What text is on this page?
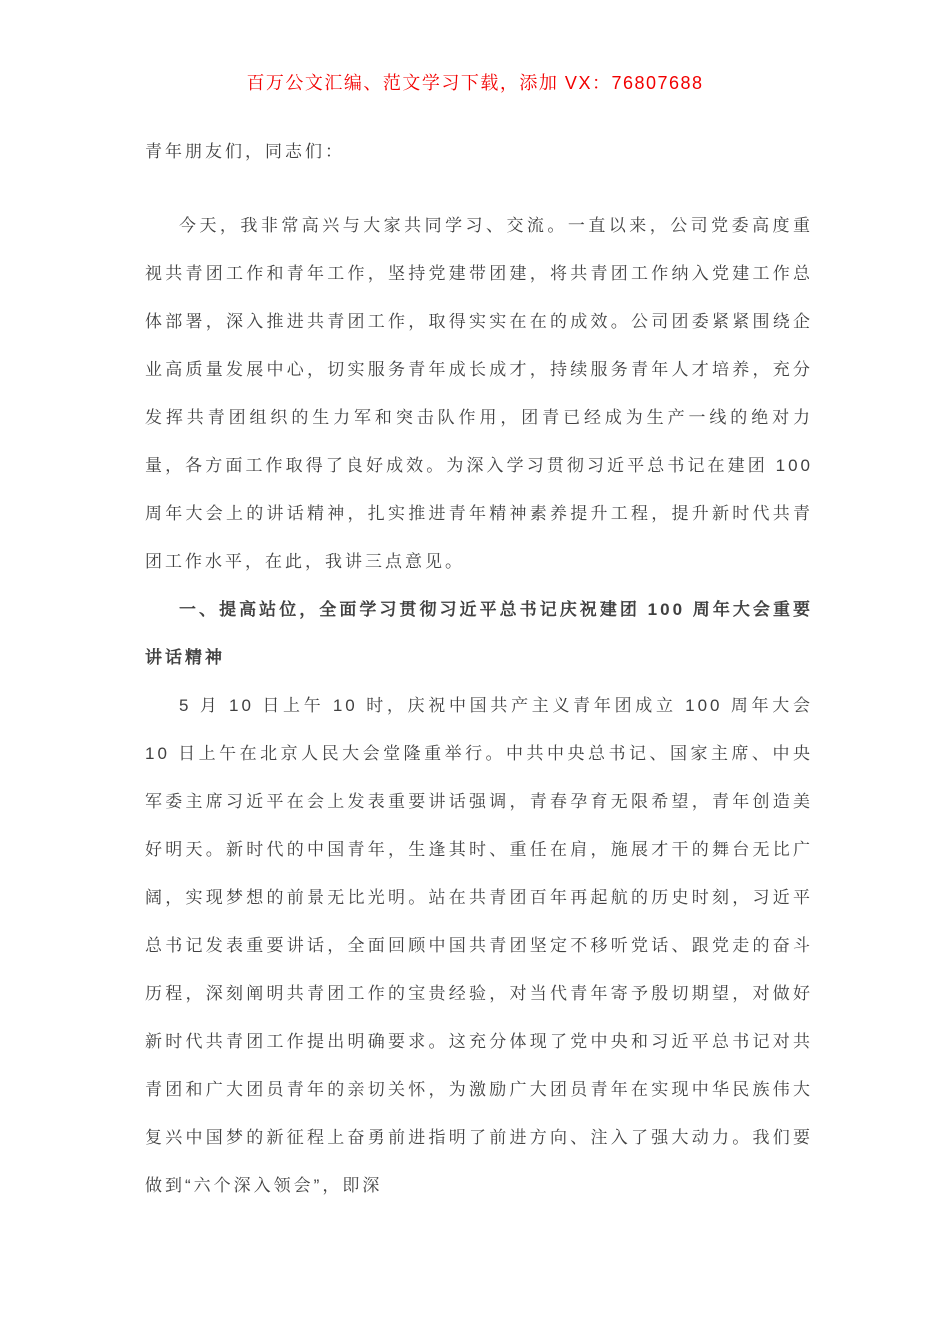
百万公文汇编、范文学习下载，添加 VX：76807688

青年朋友们，同志们：

今天，我非常高兴与大家共同学习、交流。一直以来，公司党委高度重视共青团工作和青年工作，坚持党建带团建，将共青团工作纳入党建工作总体部署，深入推进共青团工作，取得实实在在的成效。公司团委紧紧围绕企业高质量发展中心，切实服务青年成长成才，持续服务青年人才培养，充分发挥共青团组织的生力军和突击队作用，团青已经成为生产一线的绝对力量，各方面工作取得了良好成效。为深入学习贯彻习近平总书记在建团 100 周年大会上的讲话精神，扎实推进青年精神素养提升工程，提升新时代共青团工作水平，在此，我讲三点意见。

一、提高站位，全面学习贯彻习近平总书记庆祝建团 100 周年大会重要讲话精神

5 月 10 日上午 10 时，庆祝中国共产主义青年团成立 100 周年大会 10 日上午在北京人民大会堂隆重举行。中共中央总书记、国家主席、中央军委主席习近平在会上发表重要讲话强调，青春孕育无限希望，青年创造美好明天。新时代的中国青年，生逢其时、重任在肩，施展才干的舞台无比广阔，实现梦想的前景无比光明。站在共青团百年再起航的历史时刻，习近平总书记发表重要讲话，全面回顾中国共青团坚定不移听党话、跟党走的奋斗历程，深刻阐明共青团工作的宝贵经验，对当代青年寄予殷切期望，对做好新时代共青团工作提出明确要求。这充分体现了党中央和习近平总书记对共青团和广大团员青年的亲切关怀，为激励广大团员青年在实现中华民族伟大复兴中国梦的新征程上奋勇前进指明了前进方向、注入了强大动力。我们要做到“六个深入领会”，即深
